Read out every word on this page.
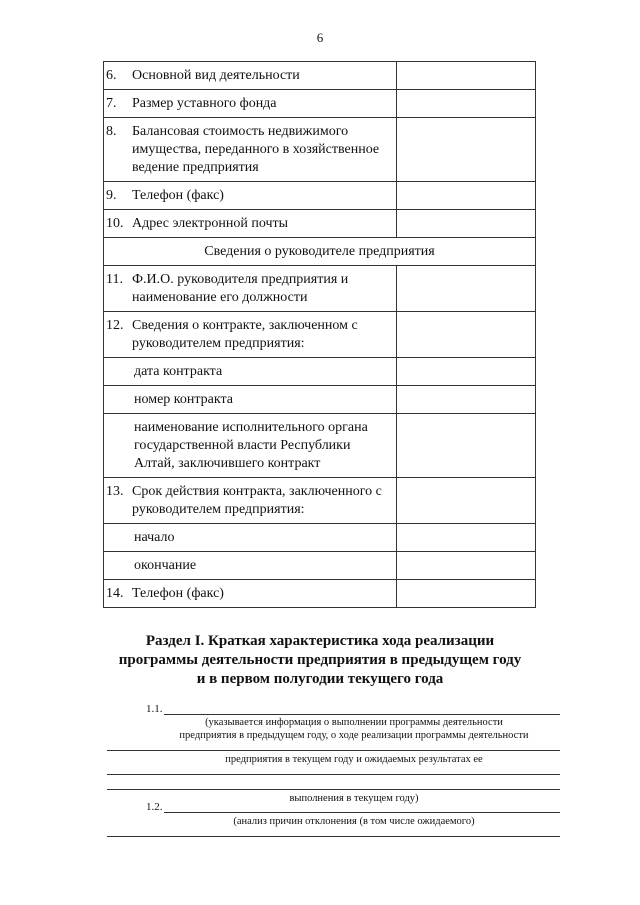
6
6. Основной вид деятельности	

7. Размер уставного фонда	

8. Балансовая стоимость недвижимого
имущества, переданного в хозяйственное
ведение предприятия	

9. Телефон (факс)	

10. Адрес электронной почты	

Сведения о руководителе предприятия	

11. Ф.И.О. руководителя предприятия и
наименование его должности	

12. Сведения о контракте, заключенном с
руководителем предприятия:	

дата контракта	

номер контракта	

наименование исполнительного органа
государственной власти Республики
Алтай, заключившего контракт	

13. Срок действия контракта, заключенного с
руководителем предприятия:	

начало	

окончание	

14. Телефон (факс)	

Раздел I. Краткая характеристика хода реализации
программы деятельности предприятия в предыдущем году
и в первом полугодии текущего года
1.1.
(указывается информация о выполнении программы деятельности
предприятия в предыдущем году, о ходе реализации программы деятельности
предприятия в текущем году и ожидаемых результатах ее
выполнения в текущем году)
1.2.
(анализ причин отклонения (в том числе ожидаемого)
